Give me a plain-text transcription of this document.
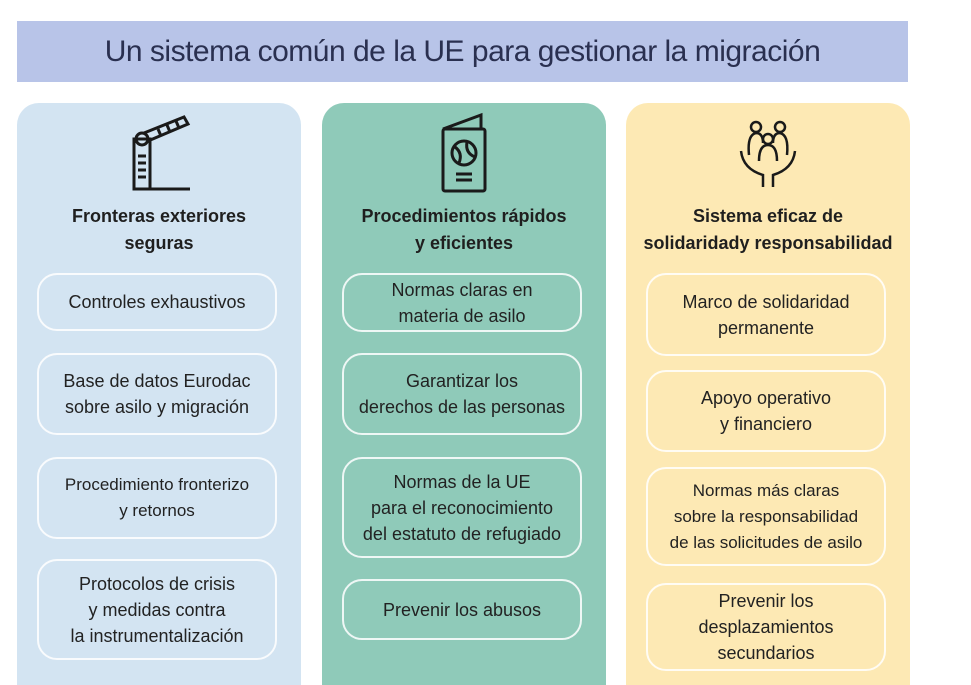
Un sistema común de la UE para gestionar la migración
Fronteras exteriores
seguras
Controles exhaustivos
Base de datos Eurodac
sobre asilo y migración
Procedimiento fronterizo
y retornos
Protocolos de crisis
y medidas contra
la instrumentalización
Procedimientos rápidos
y eficientes
Normas claras en
materia de asilo
Garantizar los
derechos de las personas
Normas de la UE
para el reconocimiento
del estatuto de refugiado
Prevenir los abusos
Sistema eficaz de
solidaridady responsabilidad
Marco de solidaridad
permanente
Apoyo operativo
y financiero
Normas más claras
sobre la responsabilidad
de las solicitudes de asilo
Prevenir los
desplazamientos
secundarios
